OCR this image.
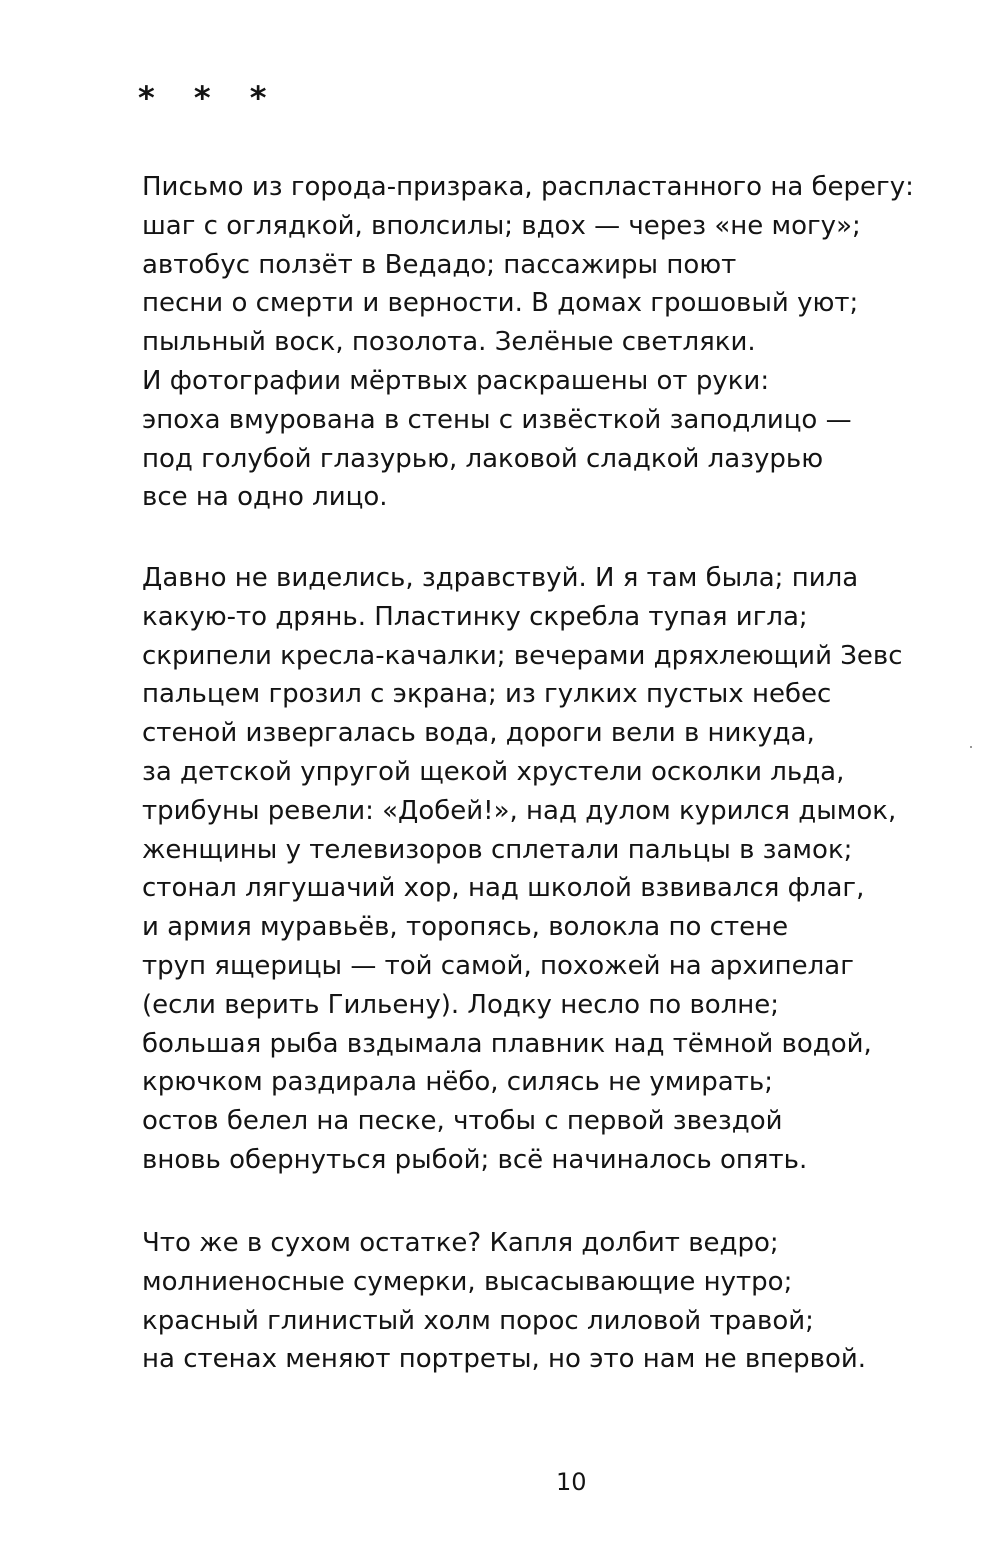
* * *
Письмо из города-призрака, распластанного на берегу:
шаг с оглядкой, вполсилы; вдох — через «не могу»;
автобус ползёт в Ведадо; пассажиры поют
песни о смерти и верности. В домах грошовый уют;
пыльный воск, позолота. Зелёные светляки.
И фотографии мёртвых раскрашены от руки:
эпоха вмурована в стены с извёсткой заподлицо —
под голубой глазурью, лаковой сладкой лазурью
все на одно лицо.
Давно не виделись, здравствуй. И я там была; пила
какую-то дрянь. Пластинку скребла тупая игла;
скрипели кресла-качалки; вечерами дряхлеющий Зевс
пальцем грозил с экрана; из гулких пустых небес
стеной извергалась вода, дороги вели в никуда,
за детской упругой щекой хрустели осколки льда,
трибуны ревели: «Добей!», над дулом курился дымок,
женщины у телевизоров сплетали пальцы в замок;
стонал лягушачий хор, над школой взвивался флаг,
и армия муравьёв, торопясь, волокла по стене
труп ящерицы — той самой, похожей на архипелаг
(если верить Гильену). Лодку несло по волне;
большая рыба вздымала плавник над тёмной водой,
крючком раздирала нёбо, силясь не умирать;
остов белел на песке, чтобы с первой звездой
вновь обернуться рыбой; всё начиналось опять.
Что же в сухом остатке? Капля долбит ведро;
молниеносные сумерки, высасывающие нутро;
красный глинистый холм порос лиловой травой;
на стенах меняют портреты, но это нам не впервой.
10
